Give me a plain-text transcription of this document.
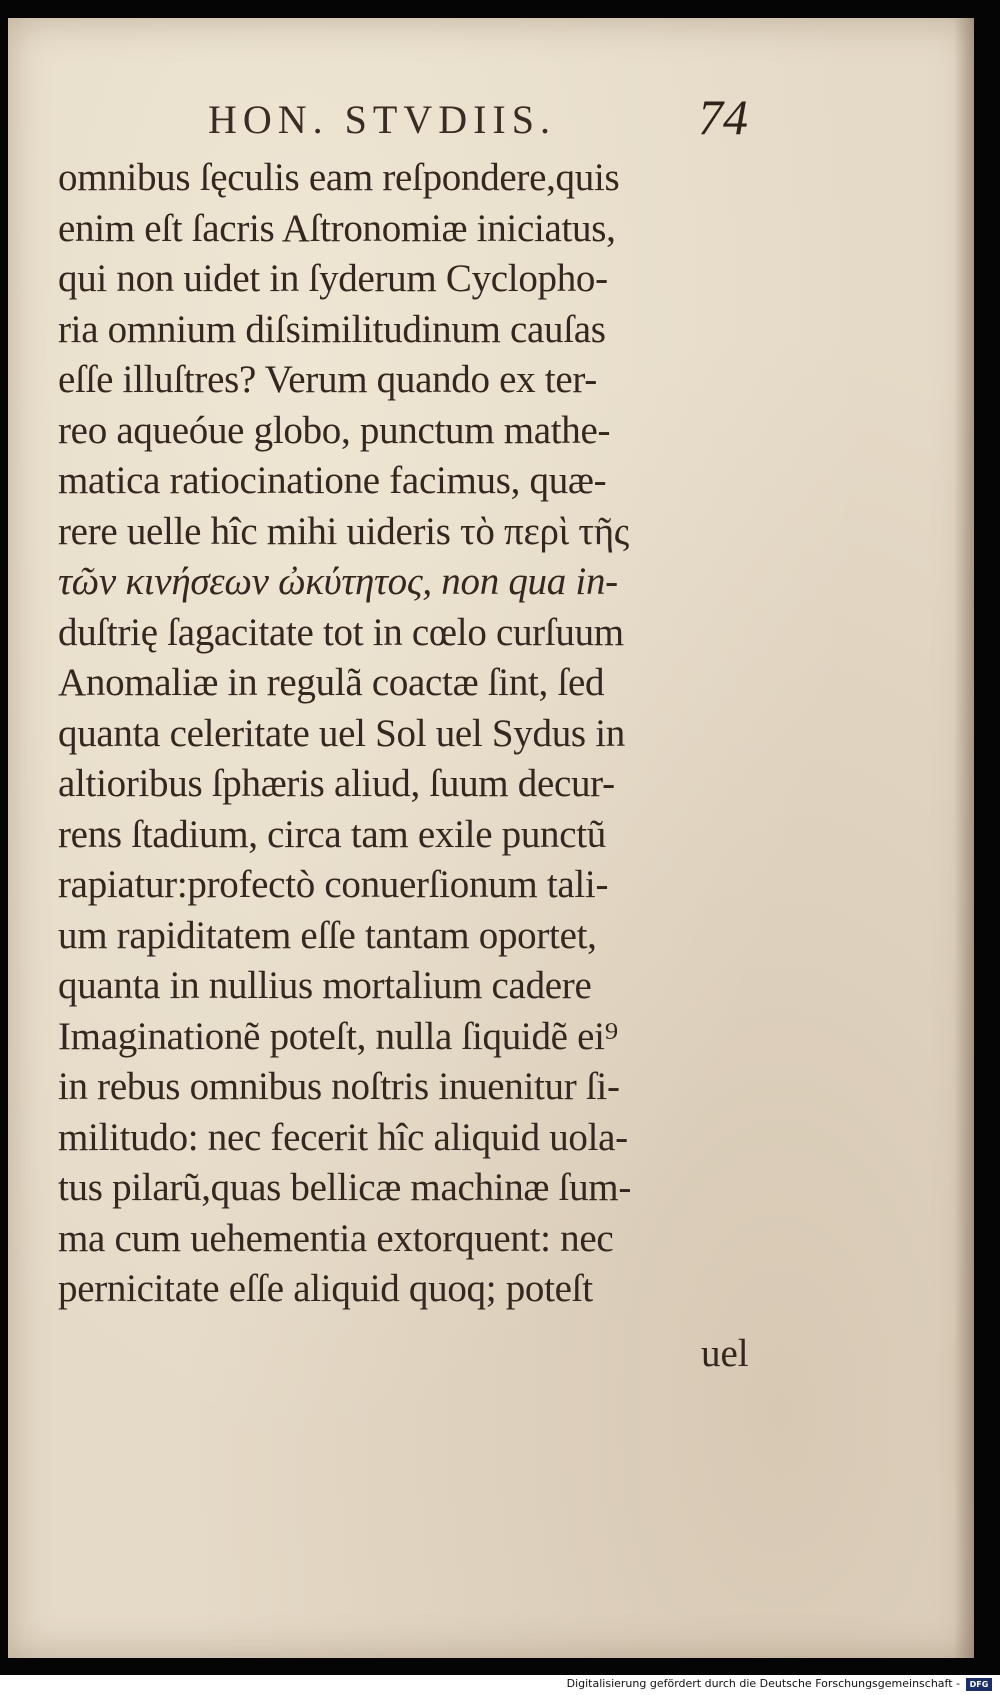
HON. STVDIIS.	74
omnibus ſęculis eam reſpondere,quis
enim eſt ſacris Aſtronomiæ iniciatus,
qui non uidet in ſyderum Cyclopho-
ria omnium diſsimilitudinum cauſas
eſſe illuſtres? Verum quando ex ter-
reo aqueóue globo, punctum mathe-
matica ratiocinatione facimus, quæ-
rere uelle hîc mihi uideris τὸ περὶ τῆς
τῶν κινήσεων ὠκύτητος, non qua in-
duſtrię ſagacitate tot in cœlo curſuum
Anomaliæ in regulã coactæ ſint, ſed
quanta celeritate uel Sol uel Sydus in
altioribus ſphæris aliud, ſuum decur-
rens ſtadium, circa tam exile punctũ
rapiatur:profectò conuerſionum tali-
um rapiditatem eſſe tantam oportet,
quanta in nullius mortalium cadere
Imaginationẽ poteſt, nulla ſiquidẽ ei⁹
in rebus omnibus noſtris inuenitur ſi-
militudo: nec fecerit hîc aliquid uola-
tus pilarũ,quas bellicæ machinæ ſum-
ma cum uehementia extorquent: nec
pernicitate eſſe aliquid quoq; poteſt
uel
Digitalisierung gefördert durch die Deutsche Forschungsgemeinschaft -	DFG
